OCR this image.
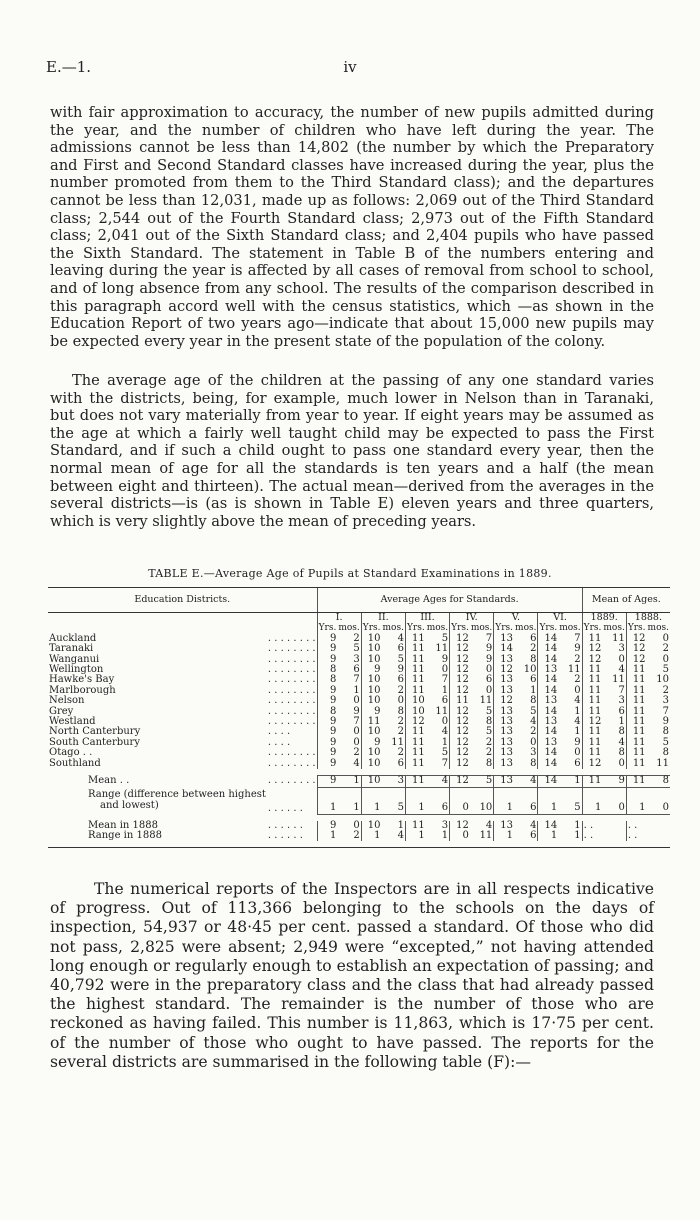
E.—1.	iv

with fair approximation to accuracy, the number of new pupils admitted during the year, and the number of children who have left during the year. The admissions cannot be less than 14,802 (the number by which the Preparatory and First and Second Standard classes have increased during the year, plus the number promoted from them to the Third Standard class); and the departures cannot be less than 12,031, made up as follows: 2,069 out of the Third Standard class; 2,544 out of the Fourth Standard class; 2,973 out of the Fifth Standard class; 2,041 out of the Sixth Standard class; and 2,404 pupils who have passed the Sixth Standard. The statement in Table B of the numbers entering and leaving during the year is affected by all cases of removal from school to school, and of long absence from any school. The results of the comparison described in this paragraph accord well with the census statistics, which —as shown in the Education Report of two years ago—indicate that about 15,000 new pupils may be expected every year in the present state of the population of the colony.

The average age of the children at the passing of any one standard varies with the districts, being, for example, much lower in Nelson than in Taranaki, but does not vary materially from year to year. If eight years may be assumed as the age at which a fairly well taught child may be expected to pass the First Standard, and if such a child ought to pass one standard every year, then the normal mean of age for all the standards is ten years and a half (the mean between eight and thirteen). The actual mean—derived from the averages in the several districts—is (as is shown in Table E) eleven years and three quarters, which is very slightly above the mean of preceding years.

TABLE E.—Average Age of Pupils at Standard Examinations in 1889.
Education Districts.		Average Ages for Standards.												Mean of Ages.			
		I.		II.		III.		IV.		V.		VI.		1889.		1888.	
		Yrs.	mos.	Yrs.	mos.	Yrs.	mos.	Yrs.	mos.	Yrs.	mos.	Yrs.	mos.	Yrs.	mos.	Yrs.	mos.
Auckland	. . . . . . . .	9	2	10	4	11	5	12	7	13	6	14	7	11	11	12	0
Taranaki	. . . . . . . .	9	5	10	6	11	11	12	9	14	2	14	9	12	3	12	2
Wanganui	. . . . . . . .	9	3	10	5	11	9	12	9	13	8	14	2	12	0	12	0
Wellington	. . . . . . . .	8	6	9	9	11	0	12	0	12	10	13	11	11	4	11	5
Hawke's Bay	. . . . . . . .	8	7	10	6	11	7	12	6	13	6	14	2	11	11	11	10
Marlborough	. . . . . . . .	9	1	10	2	11	1	12	0	13	1	14	0	11	7	11	2
Nelson	. . . . . . . .	9	0	10	0	10	6	11	11	12	8	13	4	11	3	11	3
Grey	. . . . . . . .	8	9	9	8	10	11	12	5	13	5	14	1	11	6	11	7
Westland	. . . . . . . .	9	7	11	2	12	0	12	8	13	4	13	4	12	1	11	9
North Canterbury	. . . .	9	0	10	2	11	4	12	5	13	2	14	1	11	8	11	8
South Canterbury	. . . .	9	0	9	11	11	1	12	2	13	0	13	9	11	4	11	5
Otago . .	. . . . . . . .	9	2	10	2	11	5	12	2	13	3	14	0	11	8	11	8
Southland	. . . . . . . .	9	4	10	6	11	7	12	8	13	8	14	6	12	0	11	11

Mean . .	. . . . . . . .	9	1	10	3	11	4	12	5	13	4	14	1	11	9	11	8

Range (difference between highest
and lowest)	. . . . . .	1	1	1	5	1	6	0	10	1	6	1	5	1	0	1	0

Mean in 1888	. . . . . .	9	0	10	1	11	3	12	4	13	4	14	1	. .		. .	
Range in 1888	. . . . . .	1	2	1	4	1	1	0	11	1	6	1	1	. .		. .	

The numerical reports of the Inspectors are in all respects indicative of progress. Out of 113,366 belonging to the schools on the days of inspection, 54,937 or 48·45 per cent. passed a standard. Of those who did not pass, 2,825 were absent; 2,949 were “excepted,” not having attended long enough or regularly enough to establish an expectation of passing; and 40,792 were in the preparatory class and the class that had already passed the highest standard. The remainder is the number of those who are reckoned as having failed. This number is 11,863, which is 17·75 per cent. of the number of those who ought to have passed. The reports for the several districts are summarised in the following table (F):—
